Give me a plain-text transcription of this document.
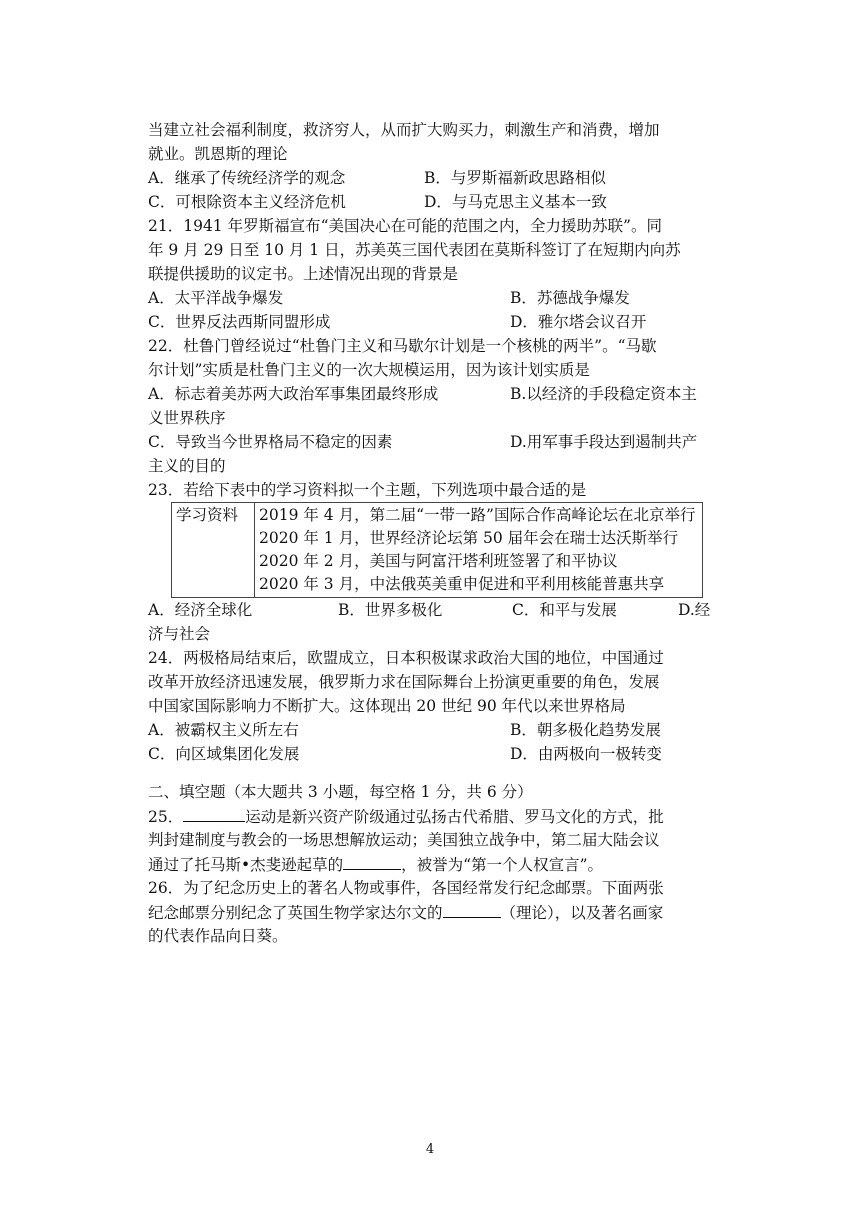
当建立社会福利制度，救济穷人，从而扩大购买力，刺激生产和消费，增加
就业。凯恩斯的理论
A．继承了传统经济学的观念	B．与罗斯福新政思路相似
C．可根除资本主义经济危机	D．与马克思主义基本一致
21．1941 年罗斯福宣布“美国决心在可能的范围之内，全力援助苏联”。同
年 9 月 29 日至 10 月 1 日，苏美英三国代表团在莫斯科签订了在短期内向苏
联提供援助的议定书。上述情况出现的背景是
A．太平洋战争爆发	B．苏德战争爆发
C．世界反法西斯同盟形成	D．雅尔塔会议召开
22．杜鲁门曾经说过“杜鲁门主义和马歇尔计划是一个核桃的两半”。“马歇
尔计划”实质是杜鲁门主义的一次大规模运用，因为该计划实质是
A．标志着美苏两大政治军事集团最终形成	B.以经济的手段稳定资本主
义世界秩序
C．导致当今世界格局不稳定的因素	D.用军事手段达到遏制共产
主义的目的
23．若给下表中的学习资料拟一个主题，下列选项中最合适的是
学习资料	2019 年 4 月，第二届“一带一路”国际合作高峰论坛在北京举行
2020 年 1 月，世界经济论坛第 50 届年会在瑞士达沃斯举行
2020 年 2 月，美国与阿富汗塔利班签署了和平协议
2020 年 3 月，中法俄英美重申促进和平利用核能普惠共享
A．经济全球化	B．世界多极化	C．和平与发展	D.经
济与社会
24．两极格局结束后，欧盟成立，日本积极谋求政治大国的地位，中国通过
改革开放经济迅速发展，俄罗斯力求在国际舞台上扮演更重要的角色，发展
中国家国际影响力不断扩大。这体现出 20 世纪 90 年代以来世界格局
A．被霸权主义所左右	B．朝多极化趋势发展
C．向区域集团化发展	D．由两极向一极转变
二、填空题（本大题共 3 小题，每空格 1 分，共 6 分）
25．	运动是新兴资产阶级通过弘扬古代希腊、罗马文化的方式，批
判封建制度与教会的一场思想解放运动；美国独立战争中，第二届大陆会议
通过了托马斯•杰斐逊起草的	，被誉为“第一个人权宣言”。
26．为了纪念历史上的著名人物或事件，各国经常发行纪念邮票。下面两张
纪念邮票分别纪念了英国生物学家达尔文的	（理论），以及著名画家
的代表作品向日葵。
4
